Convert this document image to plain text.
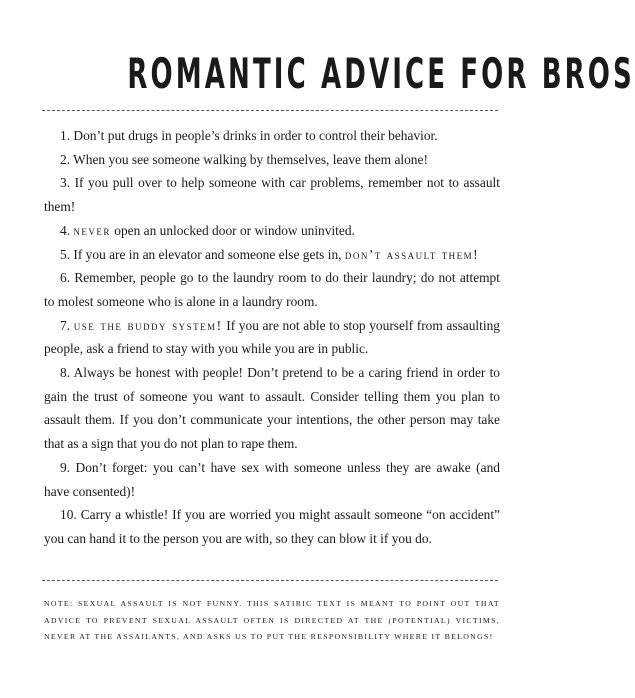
ROMANTIC ADVICE FOR BROS

1. Don’t put drugs in people’s drinks in order to control their behavior.

2. When you see someone walking by themselves, leave them alone!

3. If you pull over to help someone with car problems, remember not to assault them!

4. never open an unlocked door or window uninvited.

5. If you are in an elevator and someone else gets in, don’t assault them!

6. Remember, people go to the laundry room to do their laundry; do not attempt to molest someone who is alone in a laundry room.

7. use the buddy system! If you are not able to stop yourself from assaulting people, ask a friend to stay with you while you are in public.

8. Always be honest with people! Don’t pretend to be a caring friend in order to gain the trust of someone you want to assault. Consider telling them you plan to assault them. If you don’t communicate your intentions, the other person may take that as a sign that you do not plan to rape them.

9. Don’t forget: you can’t have sex with someone unless they are awake (and have consented)!

10. Carry a whistle! If you are worried you might assault someone “on accident” you can hand it to the person you are with, so they can blow it if you do.

NOTE: SEXUAL ASSAULT IS NOT FUNNY. THIS SATIRIC TEXT IS MEANT TO POINT OUT THAT ADVICE TO PREVENT SEXUAL ASSAULT OFTEN IS DIRECTED AT THE (POTENTIAL) VICTIMS, NEVER AT THE ASSAILANTS, AND ASKS US TO PUT THE RESPONSIBILITY WHERE IT BELONGS!
